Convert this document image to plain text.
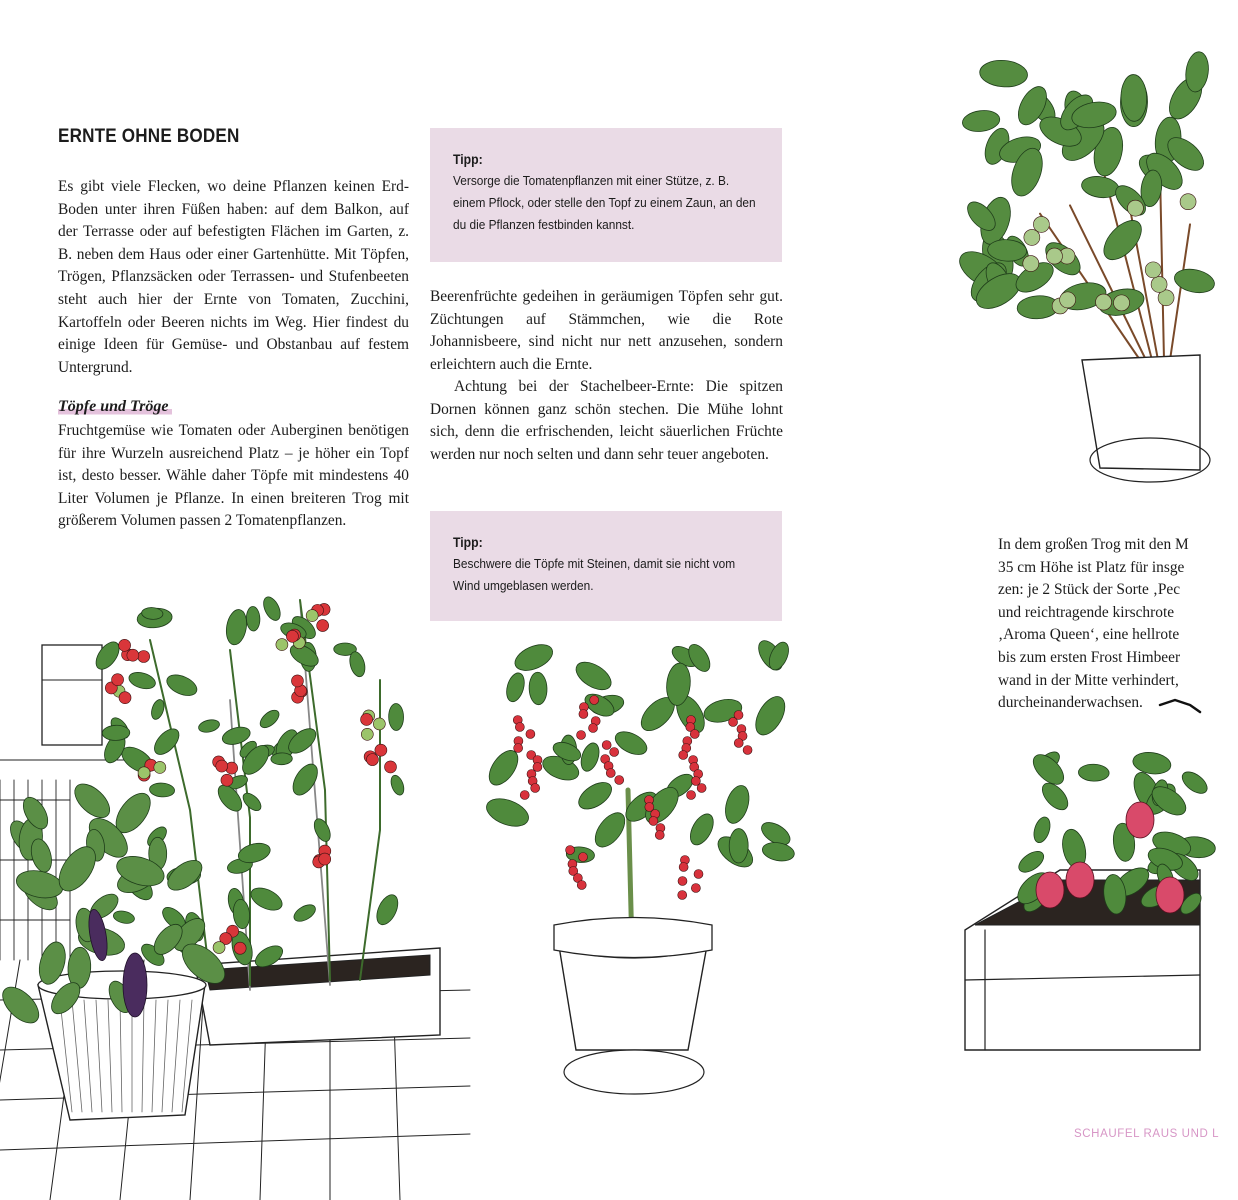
ERNTE OHNE BODEN

Es gibt viele Flecken, wo deine Pflanzen keinen Erd-Boden unter ihren Füßen haben: auf dem Balkon, auf der Terrasse oder auf befestigten Flächen im Garten, z. B. neben dem Haus oder einer Gartenhütte. Mit Töpfen, Trögen, Pflanzsäcken oder Terrassen- und Stufenbeeten steht auch hier der Ernte von Tomaten, Zucchini, Kartoffeln oder Beeren nichts im Weg. Hier findest du einige Ideen für Gemüse- und Obstanbau auf festem Untergrund.

Töpfe und Tröge

Fruchtgemüse wie Tomaten oder Auberginen benötigen für ihre Wurzeln ausreichend Platz – je höher ein Topf ist, desto besser. Wähle daher Töpfe mit mindestens 40 Liter Volumen je Pflanze. In einen breiteren Trog mit größerem Volumen passen 2 Tomatenpflanzen.

Tipp:
Versorge die Tomatenpflanzen mit einer Stütze, z. B. einem Pflock, oder stelle den Topf zu einem Zaun, an den du die Pflanzen festbinden kannst.

Beerenfrüchte gedeihen in geräumigen Töpfen sehr gut. Züchtungen auf Stämmchen, wie die Rote Johannisbeere, sind nicht nur nett anzusehen, sondern erleichtern auch die Ernte.

Achtung bei der Stachelbeer-Ernte: Die spitzen Dornen können ganz schön stechen. Die Mühe lohnt sich, denn die erfrischenden, leicht säuerlichen Früchte werden nur noch selten und dann sehr teuer angeboten.

Tipp:
Beschwere die Töpfe mit Steinen, damit sie nicht vom Wind umgeblasen werden.
In dem großen Trog mit den M
35 cm Höhe ist Platz für insge
zen: je 2 Stück der Sorte ‚Pec
und reichtragende kirschrote
‚Aroma Queen‘, eine hellrote
bis zum ersten Frost Himbeer
wand in der Mitte verhindert,
durcheinanderwachsen.
SCHAUFEL RAUS UND L
